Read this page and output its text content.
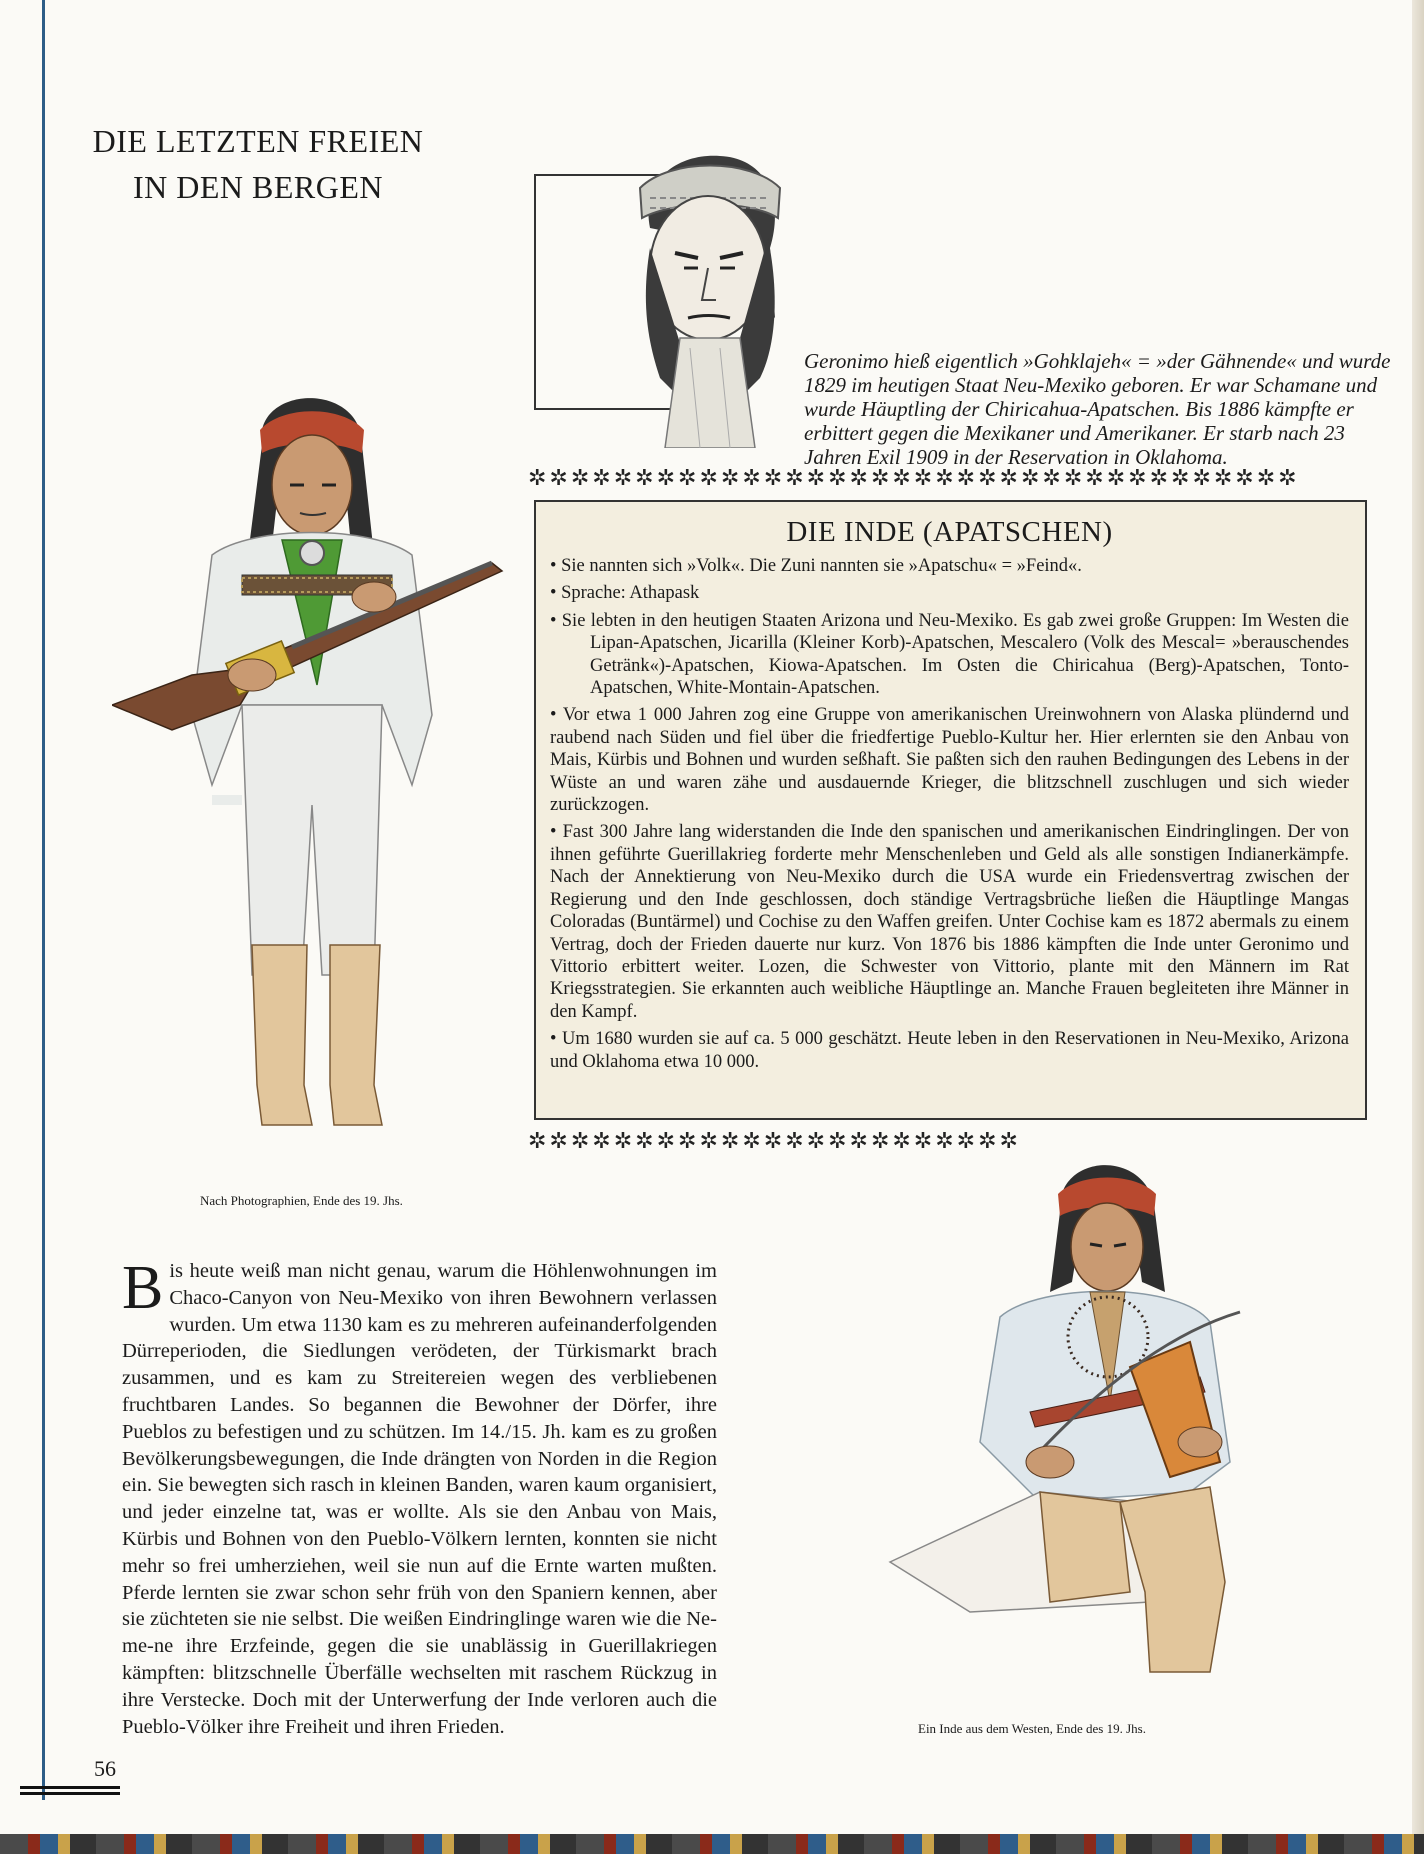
DIE LETZTEN FREIEN
IN DEN BERGEN

Geronimo hieß eigentlich »Gohklajeh« = »der Gähnende« und wurde 1829 im heutigen Staat Neu-Mexiko geboren. Er war Schamane und wurde Häuptling der Chiricahua-Apatschen. Bis 1886 kämpfte er erbittert gegen die Mexikaner und Amerikaner. Er starb nach 23 Jahren Exil 1909 in der Reservation in Oklahoma.

✲✲✲✲✲✲✲✲✲✲✲✲✲✲✲✲✲✲✲✲✲✲✲✲✲✲✲✲✲✲✲✲✲✲✲✲
DIE INDE (APATSCHEN)

• Sie nannten sich »Volk«. Die Zuni nannten sie »Apatschu« = »Feind«.

• Sprache: Athapask

• Sie lebten in den heutigen Staaten Arizona und Neu-Mexiko. Es gab zwei große Gruppen: Im Westen die Lipan-Apatschen, Jicarilla (Kleiner Korb)-Apatschen, Mescalero (Volk des Mescal= »berauschendes Getränk«)-Apatschen, Kiowa-Apatschen. Im Osten die Chiricahua (Berg)-Apatschen, Tonto-Apatschen, White-Montain-Apatschen.

• Vor etwa 1 000 Jahren zog eine Gruppe von amerikanischen Ureinwohnern von Alaska plündernd und raubend nach Süden und fiel über die friedfertige Pueblo-Kultur her. Hier erlernten sie den Anbau von Mais, Kürbis und Bohnen und wurden seßhaft. Sie paßten sich den rauhen Bedingungen des Lebens in der Wüste an und waren zähe und ausdauernde Krieger, die blitzschnell zuschlugen und sich wieder zurückzogen.

• Fast 300 Jahre lang widerstanden die Inde den spanischen und amerikanischen Eindringlingen. Der von ihnen geführte Guerillakrieg forderte mehr Menschenleben und Geld als alle sonstigen Indianerkämpfe. Nach der Annektierung von Neu-Mexiko durch die USA wurde ein Friedensvertrag zwischen der Regierung und den Inde geschlossen, doch ständige Vertragsbrüche ließen die Häuptlinge Mangas Coloradas (Buntärmel) und Cochise zu den Waffen greifen. Unter Cochise kam es 1872 abermals zu einem Vertrag, doch der Frieden dauerte nur kurz. Von 1876 bis 1886 kämpften die Inde unter Geronimo und Vittorio erbittert weiter. Lozen, die Schwester von Vittorio, plante mit den Männern im Rat Kriegsstrategien. Sie erkannten auch weibliche Häuptlinge an. Manche Frauen begleiteten ihre Männer in den Kampf.

• Um 1680 wurden sie auf ca. 5 000 geschätzt. Heute leben in den Reservationen in Neu-Mexiko, Arizona und Oklahoma etwa 10 000.

✲✲✲✲✲✲✲✲✲✲✲✲✲✲✲✲✲✲✲✲✲✲✲
Nach Photographien, Ende des 19. Jhs.
B is heute weiß man nicht genau, warum die Höhlenwohnungen im Chaco-Canyon von Neu-Mexiko von ihren Bewohnern verlassen wurden. Um etwa 1130 kam es zu mehreren aufeinanderfolgenden Dürreperioden, die Siedlungen verödeten, der Türkismarkt brach zusammen, und es kam zu Streitereien wegen des verbliebenen fruchtbaren Landes. So begannen die Bewohner der Dörfer, ihre Pueblos zu befestigen und zu schützen. Im 14./15. Jh. kam es zu großen Bevölkerungsbewegungen, die Inde drängten von Norden in die Region ein. Sie bewegten sich rasch in kleinen Banden, waren kaum organisiert, und jeder einzelne tat, was er wollte. Als sie den Anbau von Mais, Kürbis und Bohnen von den Pueblo-Völkern lernten, konnten sie nicht mehr so frei umherziehen, weil sie nun auf die Ernte warten mußten. Pferde lernten sie zwar schon sehr früh von den Spaniern kennen, aber sie züchteten sie nie selbst. Die weißen Eindringlinge waren wie die Ne-me-ne ihre Erzfeinde, gegen die sie unablässig in Guerillakriegen kämpften: blitzschnelle Überfälle wechselten mit raschem Rückzug in ihre Verstecke. Doch mit der Unterwerfung der Inde verloren auch die Pueblo-Völker ihre Freiheit und ihren Frieden.	Ein Inde aus dem Westen, Ende des 19. Jhs.
56
